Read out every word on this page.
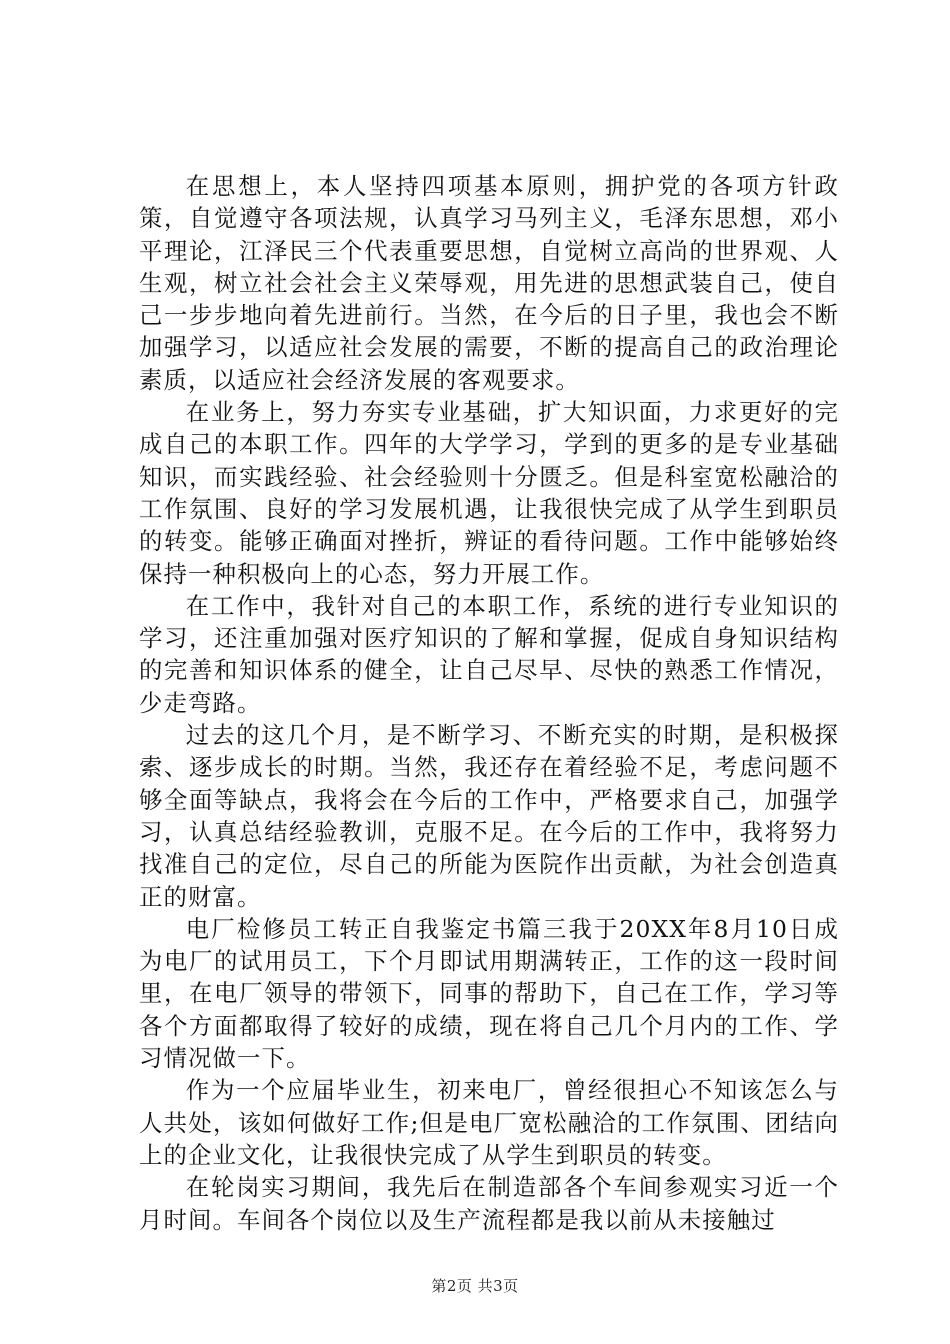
在思想上，本人坚持四项基本原则，拥护党的各项方针政策，自觉遵守各项法规，认真学习马列主义，毛泽东思想，邓小平理论，江泽民三个代表重要思想，自觉树立高尚的世界观、人生观，树立社会社会主义荣辱观，用先进的思想武装自己，使自己一步步地向着先进前行。当然，在今后的日子里，我也会不断加强学习，以适应社会发展的需要，不断的提高自己的政治理论素质，以适应社会经济发展的客观要求。

在业务上，努力夯实专业基础，扩大知识面，力求更好的完成自己的本职工作。四年的大学学习，学到的更多的是专业基础知识，而实践经验、社会经验则十分匮乏。但是科室宽松融洽的工作氛围、良好的学习发展机遇，让我很快完成了从学生到职员的转变。能够正确面对挫折，辨证的看待问题。工作中能够始终保持一种积极向上的心态，努力开展工作。

在工作中，我针对自己的本职工作，系统的进行专业知识的学习，还注重加强对医疗知识的了解和掌握，促成自身知识结构的完善和知识体系的健全，让自己尽早、尽快的熟悉工作情况，少走弯路。

过去的这几个月，是不断学习、不断充实的时期，是积极探索、逐步成长的时期。当然，我还存在着经验不足，考虑问题不够全面等缺点，我将会在今后的工作中，严格要求自己，加强学习，认真总结经验教训，克服不足。在今后的工作中，我将努力找准自己的定位，尽自己的所能为医院作出贡献，为社会创造真正的财富。

电厂检修员工转正自我鉴定书篇三我于20XX年8月10日成为电厂的试用员工，下个月即试用期满转正，工作的这一段时间里，在电厂领导的带领下，同事的帮助下，自己在工作，学习等各个方面都取得了较好的成绩，现在将自己几个月内的工作、学习情况做一下。

作为一个应届毕业生，初来电厂，曾经很担心不知该怎么与人共处，该如何做好工作;但是电厂宽松融洽的工作氛围、团结向上的企业文化，让我很快完成了从学生到职员的转变。

在轮岗实习期间，我先后在制造部各个车间参观实习近一个月时间。车间各个岗位以及生产流程都是我以前从未接触过

第2页 共3页
